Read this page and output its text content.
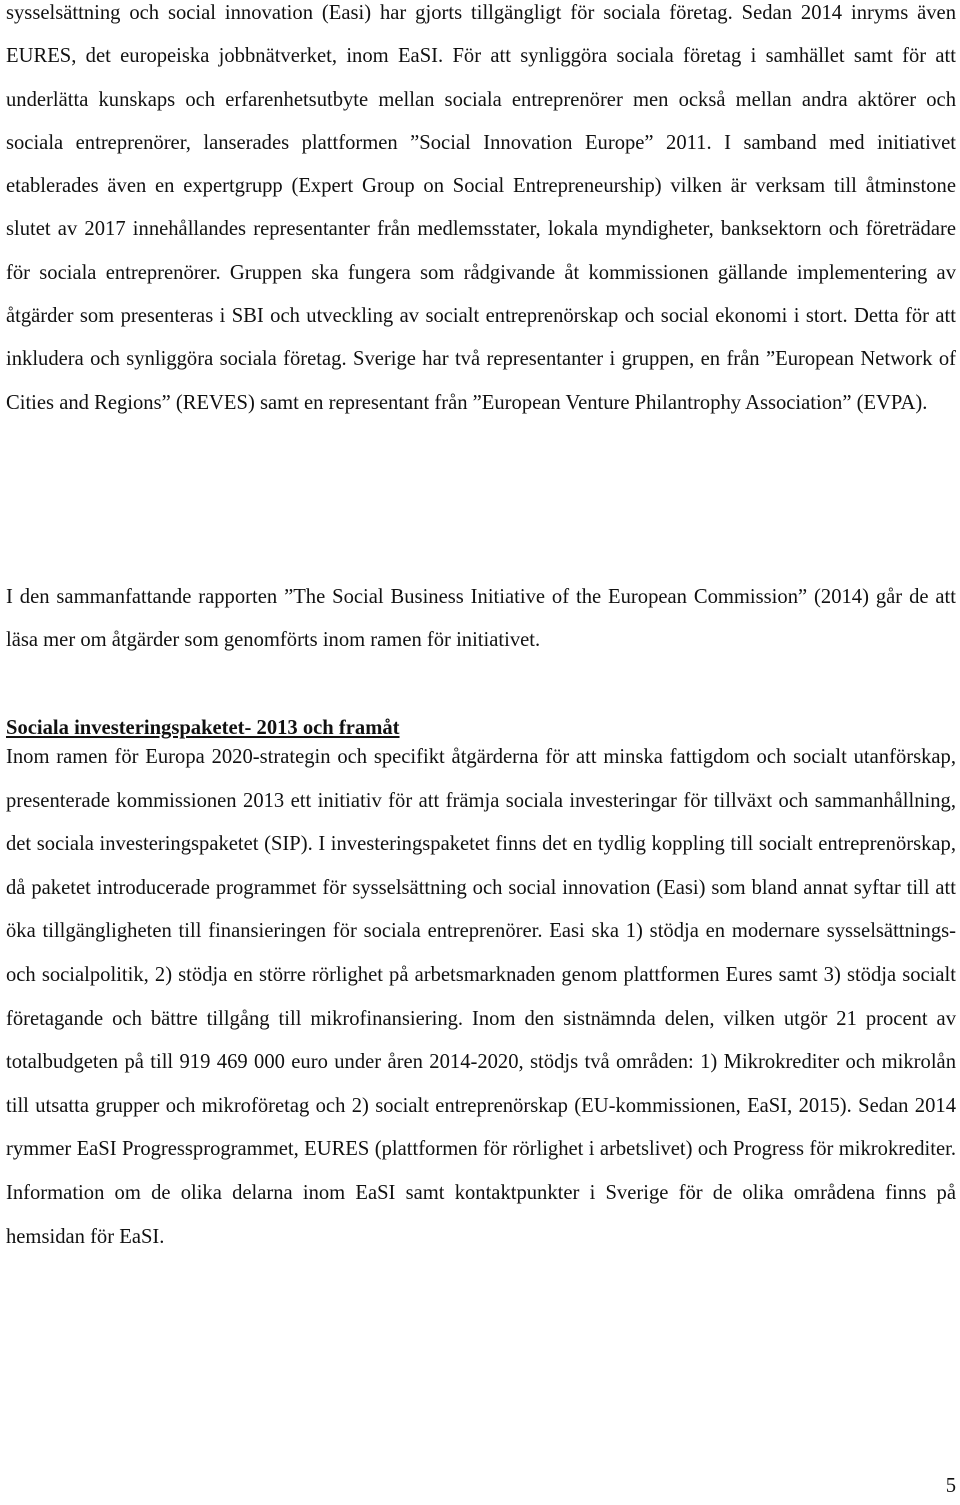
sysselsättning och social innovation (Easi) har gjorts tillgängligt för sociala företag. Sedan 2014 inryms även EURES, det europeiska jobbnätverket, inom EaSI. För att synliggöra sociala företag i samhället samt för att underlätta kunskaps och erfarenhetsutbyte mellan sociala entreprenörer men också mellan andra aktörer och sociala entreprenörer, lanserades plattformen ”Social Innovation Europe” 2011. I samband med initiativet etablerades även en expertgrupp (Expert Group on Social Entrepreneurship) vilken är verksam till åtminstone slutet av 2017 innehållandes representanter från medlemsstater, lokala myndigheter, banksektorn och företrädare för sociala entreprenörer. Gruppen ska fungera som rådgivande åt kommissionen gällande implementering av åtgärder som presenteras i SBI och utveckling av socialt entreprenörskap och social ekonomi i stort. Detta för att inkludera och synliggöra sociala företag. Sverige har två representanter i gruppen, en från ”European Network of Cities and Regions” (REVES) samt en representant från ”European Venture Philantrophy Association” (EVPA).

I den sammanfattande rapporten ”The Social Business Initiative of the European Commission” (2014) går de att läsa mer om åtgärder som genomförts inom ramen för initiativet.

Sociala investeringspaketet- 2013 och framåt

Inom ramen för Europa 2020-strategin och specifikt åtgärderna för att minska fattigdom och socialt utanförskap, presenterade kommissionen 2013 ett initiativ för att främja sociala investeringar för tillväxt och sammanhållning, det sociala investeringspaketet (SIP). I investeringspaketet finns det en tydlig koppling till socialt entreprenörskap, då paketet introducerade programmet för sysselsättning och social innovation (Easi) som bland annat syftar till att öka tillgängligheten till finansieringen för sociala entreprenörer. Easi ska 1) stödja en modernare sysselsättnings- och socialpolitik, 2) stödja en större rörlighet på arbetsmarknaden genom plattformen Eures samt 3) stödja socialt företagande och bättre tillgång till mikrofinansiering. Inom den sistnämnda delen, vilken utgör 21 procent av totalbudgeten på till 919 469 000 euro under åren 2014-2020, stödjs två områden: 1) Mikrokrediter och mikrolån till utsatta grupper och mikroföretag och 2) socialt entreprenörskap (EU-kommissionen, EaSI, 2015). Sedan 2014 rymmer EaSI Progressprogrammet, EURES (plattformen för rörlighet i arbetslivet) och Progress för mikrokrediter. Information om de olika delarna inom EaSI samt kontaktpunkter i Sverige för de olika områdena finns på hemsidan för EaSI.

5
